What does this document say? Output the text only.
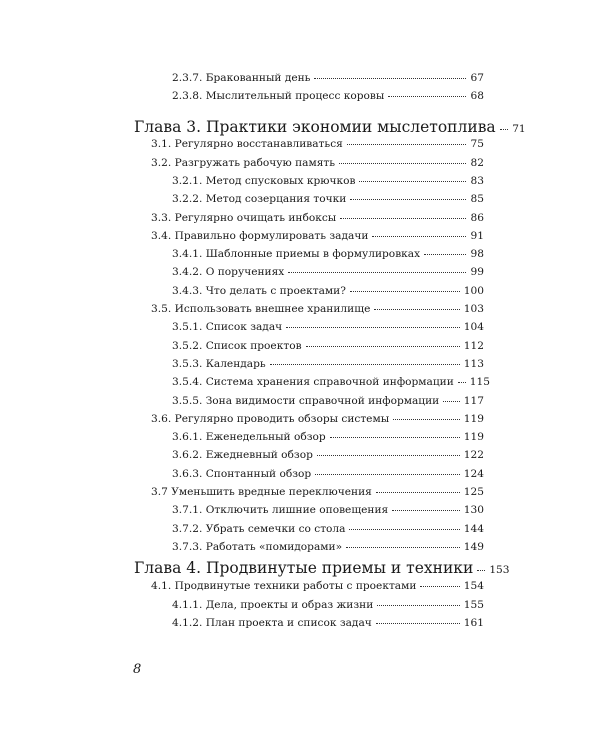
2.3.7. Бракованный день	67
2.3.8. Мыслительный процесс коровы	68
Глава 3. Практики экономии мыслетоплива 71
3.1. Регулярно восстанавливаться	75
3.2. Разгружать рабочую память	82
3.2.1. Метод спусковых крючков	83
3.2.2. Метод созерцания точки	85
3.3. Регулярно очищать инбоксы	86
3.4. Правильно формулировать задачи	91
3.4.1. Шаблонные приемы в формулировках	98
3.4.2. О поручениях	99
3.4.3. Что делать с проектами?	100
3.5. Использовать внешнее хранилище	103
3.5.1. Список задач	104
3.5.2. Список проектов	112
3.5.3. Календарь	113
3.5.4. Система хранения справочной информации 115
3.5.5. Зона видимости справочной информации 117
3.6. Регулярно проводить обзоры системы	119
3.6.1. Еженедельный обзор	119
3.6.2. Ежедневный обзор	122
3.6.3. Спонтанный обзор	124
3.7 Уменьшить вредные переключения	125
3.7.1. Отключить лишние оповещения	130
3.7.2. Убрать семечки со стола	144
3.7.3. Работать «помидорами»	149
Глава 4. Продвинутые приемы и техники 153
4.1. Продвинутые техники работы с проектами	154
4.1.1. Дела, проекты и образ жизни	155
4.1.2. План проекта и список задач	161
8
